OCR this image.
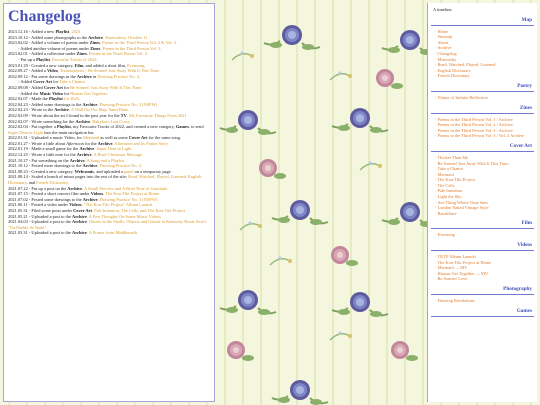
Changelog
2023.12.16 - Added a new Playlist, 2023
2023.10.12 - Added some photographs to the Archive, Shrewsbury, October 11.
2023.02.02 - Added a volume of poems under Zines, Poems in the Third Person Vol. 2 & Vol. 3.
- Added another volume of poems under Zines, Poems in the Third Person Vol. 3.
2023.02.01 - Added a collection under Zines, Poems in the Third Person Vol. 2.
- Put up a Playlist, Favourite Tracks of 2022.
2023.01.29 - Created a new category, Film, and added a short film, Evensong.
2022.09.27 - Added a Video, Tomoonsseux - Be Sonnet! Just Away With It This Time.
2022.09.12 - Put some drawings in the Archive in Drawing Practice No. 4.
- Added Cover Art for Take a Chance.
2022.09.08 - Added Cover Art for Be Sonnet! Just Away With It This Time.
- Added the Music Video for Hasnae Get Together.
2022.02.07 - Made the Playlist for 2023.
2022.04.23 - Added some drawings to the Archive, Drawing Practice No. 3 (NSFW).
2022.02.23 - Wrote in the Archive, A Wall On The Map, Sand Dune.
2022.02.09 - Wrote about the art I found in the past year for the TV, My Favourite Things From 2021.
2022.02.07 - Wrote something for the Archive, Babylon's Last Cross.
2022.02.04 - Put together a Playlist, my Favourite Tracks of 2022, and created a new category, Games, to send Super Dent in Light into the main navigation bar.
2022.01.31 - Uploaded a music Video, for Mermaid as well as some Cover Art for the same song.
2022.01.27 - Wrote a little about Afternoon for the Archive, Afternoon and its Frame Story.
2022.01.19 - Made a small game for the Archive, Super Dent in Light.
2022.12.25 - Wrote a little note for the Archive, A Brief Christmas Message.
2021.10.27 - Put something on the Archive, A Song and a Playlist.
2021.10.12 - Posted more drawings to the Archive, Drawing Practice No. 2.
2021.08.23 - Created a new category, Webcomic, and uploaded a panel on a temporary page.
2021.08.14 - Scaled a bunch of minor pages into the rest of the site; Read, Watched, Played, Listened, English Dictionary, and French Dictionary.
2021.07.22 - Put up a post on the Archive, A Small Preview and A Brief Note of Gratitude.
2021.07.15 - Posted a short concert film under Videos, The Kon-Tiki Project at Home.
2021.07.02 - Posted some drawings to the Archive, Drawing Practice No. 1 (NSFW).
2021.06.11 - Posted a video under Videos, "The Kon-Tiki Project" Album Launch.
2021.05.31 - Filed some posts under Cover Art, Pale Imitation, The Cells, and The Kon-Tiki Project.
2021.05.21 - Uploaded a post to the Archive, A Few Thoughts On Some Music Videos.
2021.04.03 - Uploaded a post to the Archive, Ghosts in the Shells: Objects and Ghosts in Kentucky Route Zero's "Un Pueblo de Nada".
2021.03.31 - Uploaded a post to the Archive, A Primer from Middleearth.
A timeline.
Map
· Home
· Sitemap
· About
· Archive
· Changelog
· Musicality
· Read, Watched, Played, Listened
· English Dictionary
· French Dictionary
Poetry
· Nature of Infinite Reflection
Zines
· Poems in the Third Person Vol. 1 / Archive
· Poems in the Third Person Vol. 2 / Archive
· Poems in the Third Person Vol. 3 / Archive
· Poems in the Third Person Vol. 3 / Vol. 2 Archive
Cover Art
· Thicker Than Me
· Be Sonnet! Just Away With It This Time
· Take a Chance
· Mermaid
· The Kon-Tiki Project
· The Cells
· Pale Imitation
· Light the Sky
· Ace Thing Where Time Sam
· London Naked Vintage Style
· Baudelaire
Film
· Evensong
Videos
· TKTP Album Launch
· The Kon-Tiki Project at Home
· Mermaid — MV
· Hasnae Get Together — MV
· Be Sonnet! Love
Photography
· Drawing Revelations
Games
